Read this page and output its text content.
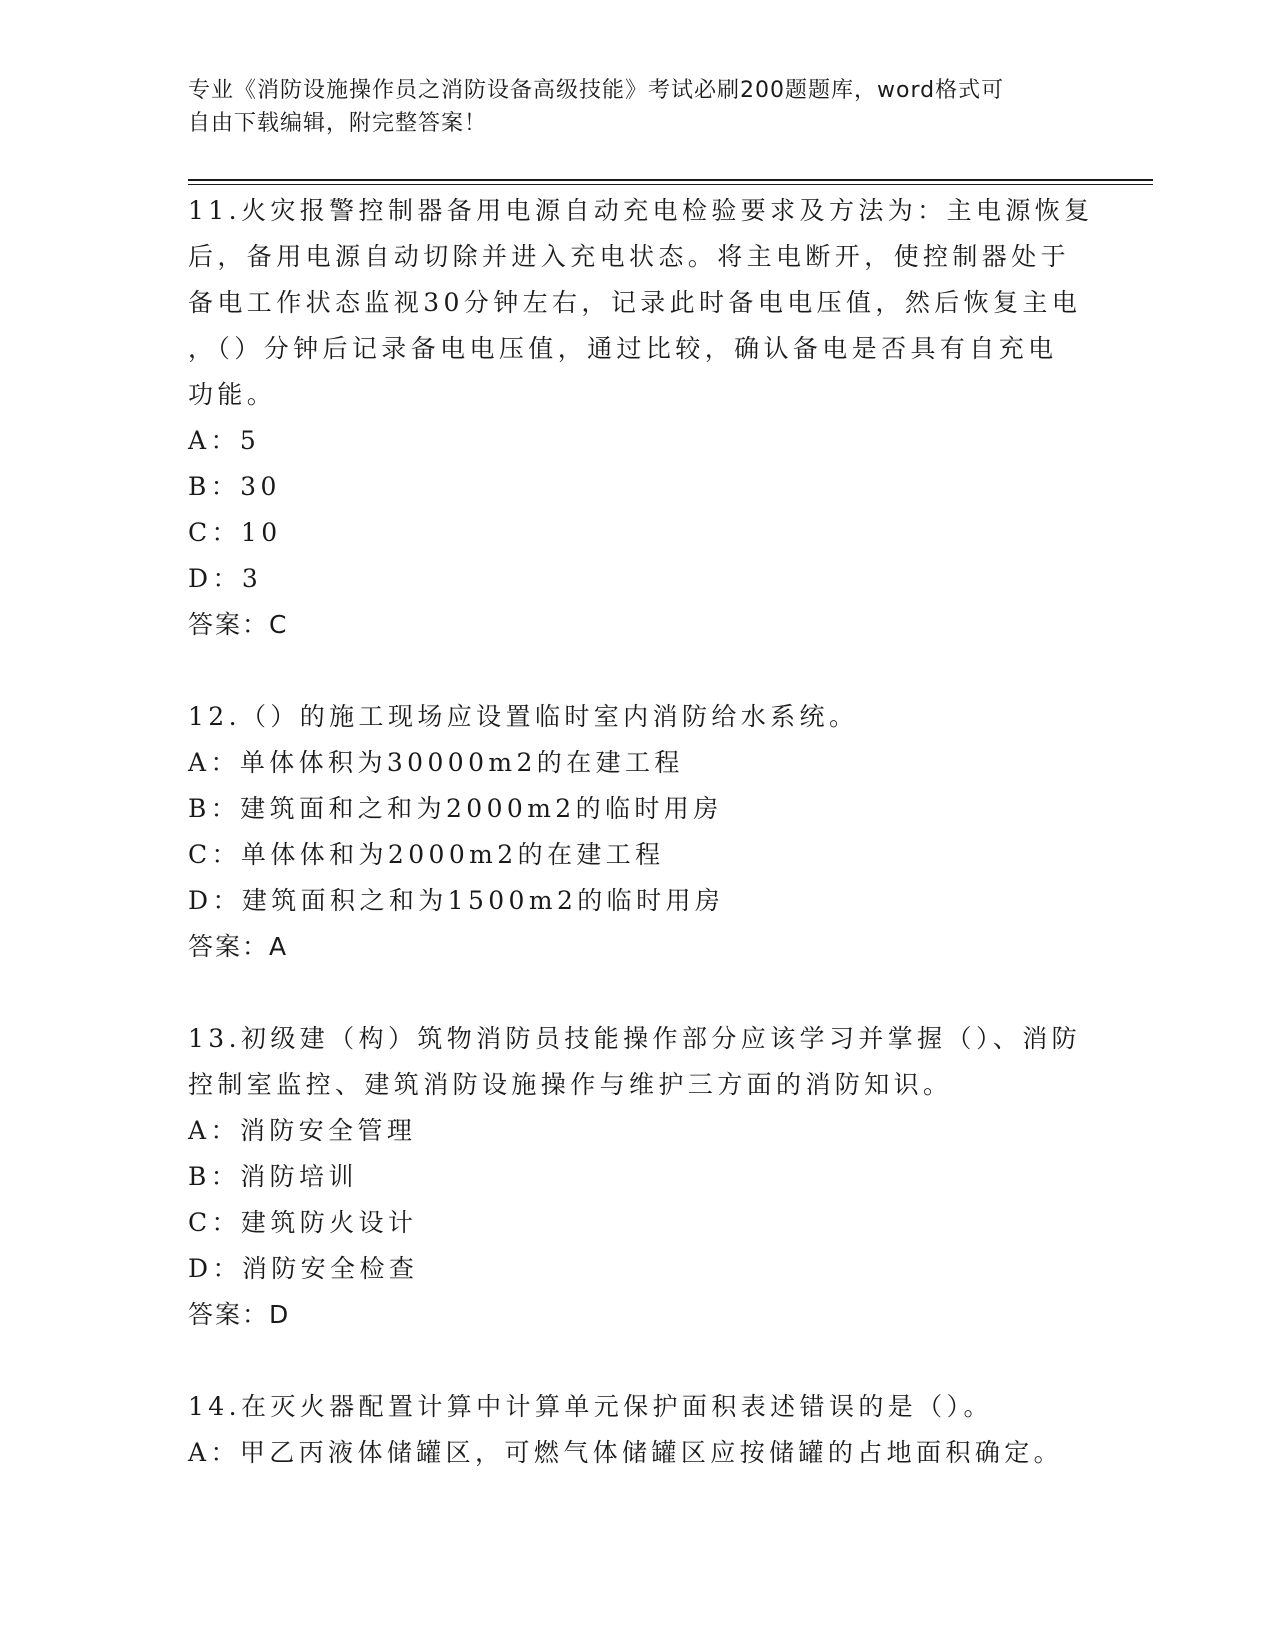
专业《消防设施操作员之消防设备高级技能》考试必刷200题题库，word格式可
自由下载编辑，附完整答案！
11.火灾报警控制器备用电源自动充电检验要求及方法为：主电源恢复
后，备用电源自动切除并进入充电状态。将主电断开，使控制器处于
备电工作状态监视30分钟左右，记录此时备电电压值，然后恢复主电
，（）分钟后记录备电电压值，通过比较，确认备电是否具有自充电
功能。
A：5
B：30
C：10
D：3
答案：C
12.（）的施工现场应设置临时室内消防给水系统。
A：单体体积为30000m2的在建工程
B：建筑面和之和为2000m2的临时用房
C：单体体和为2000m2的在建工程
D：建筑面积之和为1500m2的临时用房
答案：A
13.初级建（构）筑物消防员技能操作部分应该学习并掌握（）、消防
控制室监控、建筑消防设施操作与维护三方面的消防知识。
A：消防安全管理
B：消防培训
C：建筑防火设计
D：消防安全检查
答案：D
14.在灭火器配置计算中计算单元保护面积表述错误的是（）。
A：甲乙丙液体储罐区，可燃气体储罐区应按储罐的占地面积确定。
